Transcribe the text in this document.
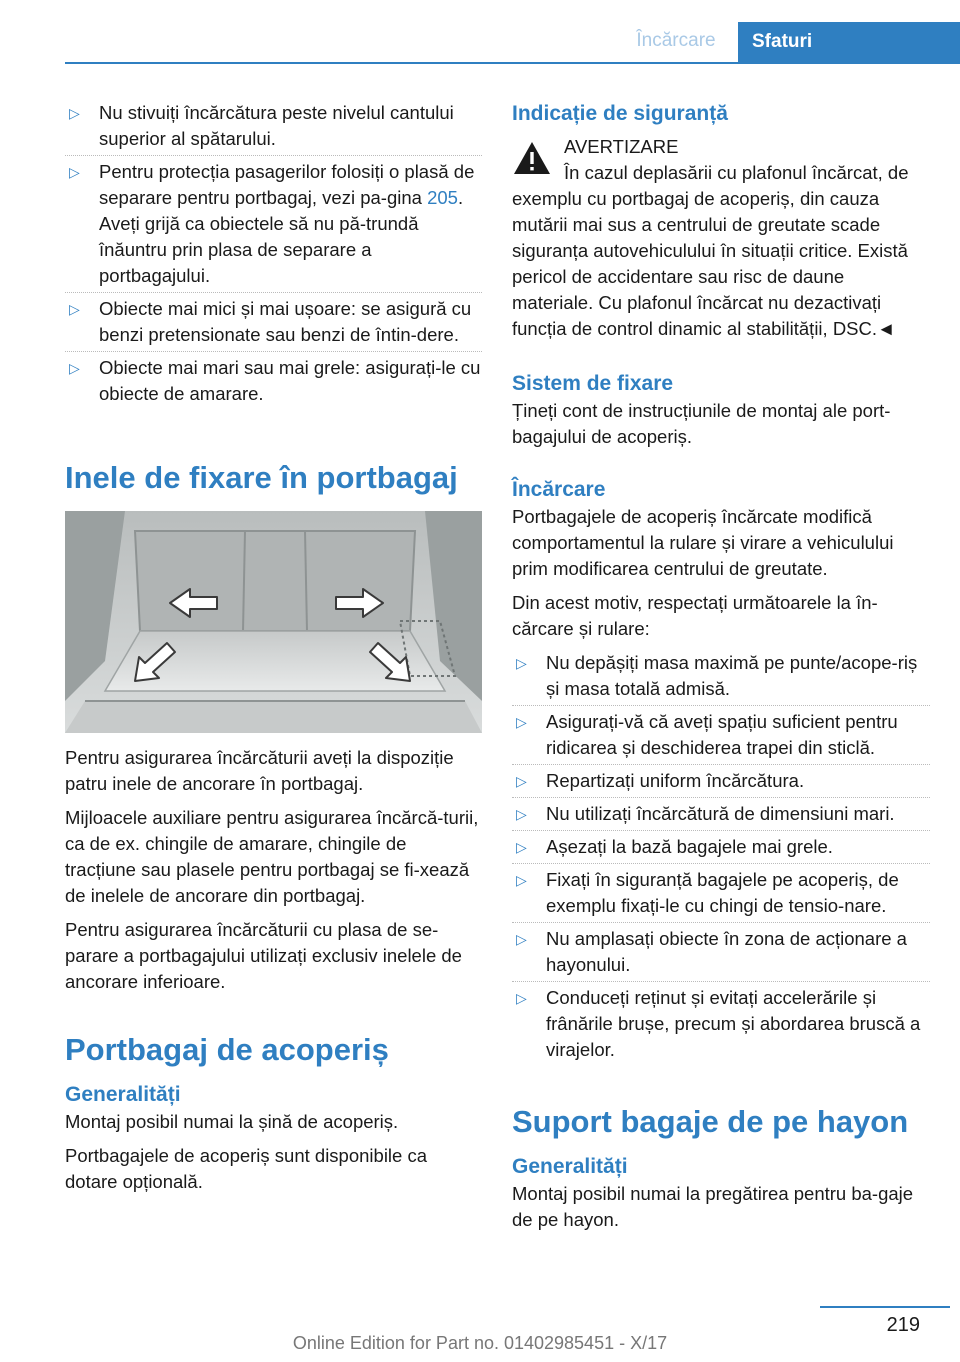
Încărcare	Sfaturi
▷ Nu stivuiți încărcătura peste nivelul cantului superior al spătarului.
▷ Pentru protecția pasagerilor folosiți o plasă de separare pentru portbagaj, vezi pa-gina 205. Aveți grijă ca obiectele să nu pă-trundă înăuntru prin plasa de separare a portbagajului.
▷ Obiecte mai mici și mai ușoare: se asigură cu benzi pretensionate sau benzi de întin-dere.
▷ Obiecte mai mari sau mai grele: asigurați-le cu obiecte de amarare.
Inele de fixare în portbagaj

Pentru asigurarea încărcăturii aveți la dispoziție patru inele de ancorare în portbagaj.

Mijloacele auxiliare pentru asigurarea încărcă-turii, ca de ex. chingile de amarare, chingile de tracțiune sau plasele pentru portbagaj se fi-xează de inelele de ancorare din portbagaj.

Pentru asigurarea încărcăturii cu plasa de se-parare a portbagajului utilizați exclusiv inelele de ancorare inferioare.

Portbagaj de acoperiș
Generalități

Montaj posibil numai la șină de acoperiș.

Portbagajele de acoperiș sunt disponibile ca dotare opțională.

Indicație de siguranță
AVERTIZARE

În cazul deplasării cu plafonul încărcat, de exemplu cu portbagaj de acoperiș, din cauza mutării mai sus a centrului de greutate scade siguranța autovehiculului în situații critice. Există pericol de accidentare sau risc de daune materiale. Cu plafonul încărcat nu dezactivați funcția de control dinamic al stabilității, DSC.◄

Sistem de fixare

Țineți cont de instrucțiunile de montaj ale port-bagajului de acoperiș.

Încărcare

Portbagajele de acoperiș încărcate modifică comportamentul la rulare și virare a vehiculului prim modificarea centrului de greutate.

Din acest motiv, respectați următoarele la în-cărcare și rulare:

▷ Nu depășiți masa maximă pe punte/acope-riș și masa totală admisă.
▷ Asigurați-vă că aveți spațiu suficient pentru ridicarea și deschiderea trapei din sticlă.
▷ Repartizați uniform încărcătura.
▷ Nu utilizați încărcătură de dimensiuni mari.
▷ Așezați la bază bagajele mai grele.
▷ Fixați în siguranță bagajele pe acoperiș, de exemplu fixați-le cu chingi de tensio-nare.
▷ Nu amplasați obiecte în zona de acționare a hayonului.
▷ Conduceți reținut și evitați accelerările și frânările brușe, precum și abordarea bruscă a virajelor.
Suport bagaje de pe hayon
Generalități

Montaj posibil numai la pregătirea pentru ba-gaje de pe hayon.

219
Online Edition for Part no. 01402985451 - X/17
